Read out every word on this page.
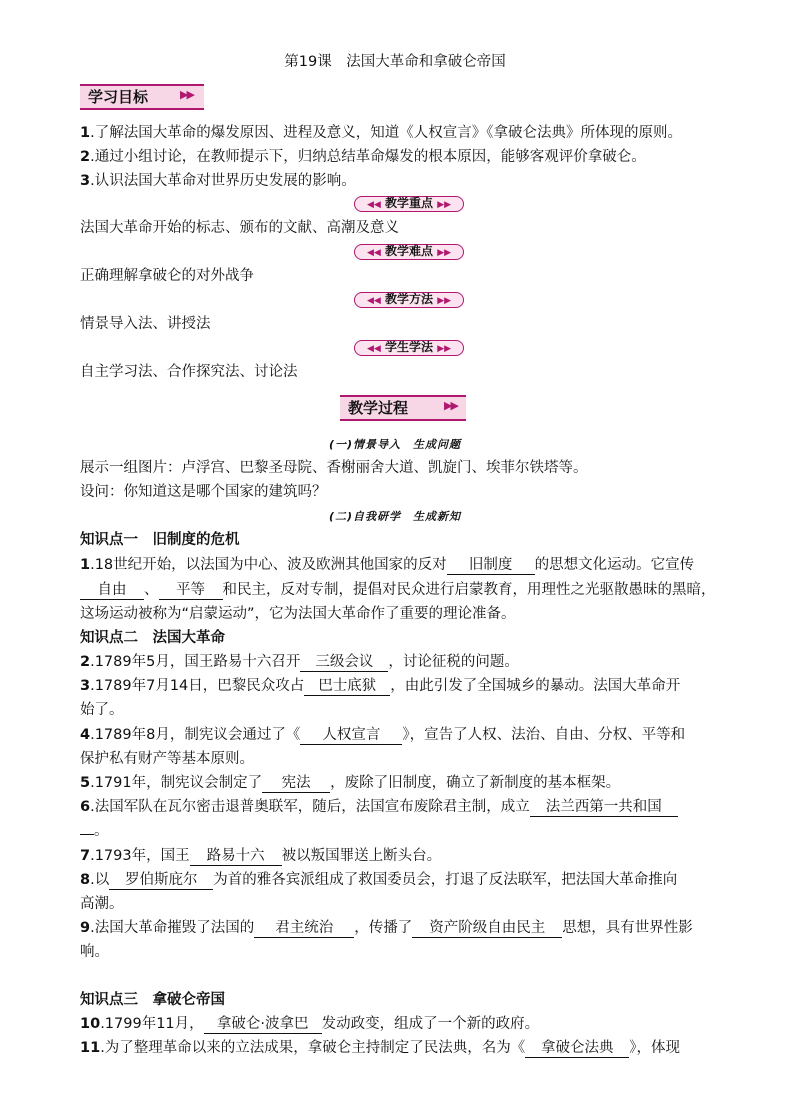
第19课　法国大革命和拿破仑帝国
学习目标	▶▶
1.了解法国大革命的爆发原因、进程及意义，知道《人权宣言》《拿破仑法典》所体现的原则。
2.通过小组讨论，在教师提示下，归纳总结革命爆发的根本原因，能够客观评价拿破仑。
3.认识法国大革命对世界历史发展的影响。
◀◀ 教学重点 ▶▶
法国大革命开始的标志、颁布的文献、高潮及意义
◀◀ 教学难点 ▶▶
正确理解拿破仑的对外战争
◀◀ 教学方法 ▶▶
情景导入法、讲授法
◀◀ 学生学法 ▶▶
自主学习法、合作探究法、讨论法
教学过程	▶▶
(一)情景导入　生成问题
展示一组图片：卢浮宫、巴黎圣母院、香榭丽舍大道、凯旋门、埃菲尔铁塔等。
设问：你知道这是哪个国家的建筑吗？
(二)自我研学　生成新知
知识点一　旧制度的危机
1.18世纪开始，以法国为中心、波及欧洲其他国家的反对 旧制度 的思想文化运动。它宣传
自由 、 平等 和民主，反对专制，提倡对民众进行启蒙教育，用理性之光驱散愚昧的黑暗，
这场运动被称为“启蒙运动”，它为法国大革命作了重要的理论准备。
知识点二　法国大革命
2.1789年5月，国王路易十六召开 三级会议 ，讨论征税的问题。
3.1789年7月14日，巴黎民众攻占 巴士底狱 ，由此引发了全国城乡的暴动。法国大革命开
始了。
4.1789年8月，制宪议会通过了《 人权宣言 》，宣告了人权、法治、自由、分权、平等和
保护私有财产等基本原则。
5.1791年，制宪议会制定了 宪法 ，废除了旧制度，确立了新制度的基本框架。
6.法国军队在瓦尔密击退普奥联军，随后，法国宣布废除君主制，成立 法兰西第一共和国
。
7.1793年，国王 路易十六 被以叛国罪送上断头台。
8.以 罗伯斯庇尔 为首的雅各宾派组成了救国委员会，打退了反法联军，把法国大革命推向
高潮。
9.法国大革命摧毁了法国的 君主统治 ，传播了 资产阶级自由民主 思想，具有世界性影
响。
知识点三　拿破仑帝国
10.1799年11月， 拿破仑·波拿巴 发动政变，组成了一个新的政府。
11.为了整理革命以来的立法成果，拿破仑主持制定了民法典，名为《 拿破仑法典 》，体现
